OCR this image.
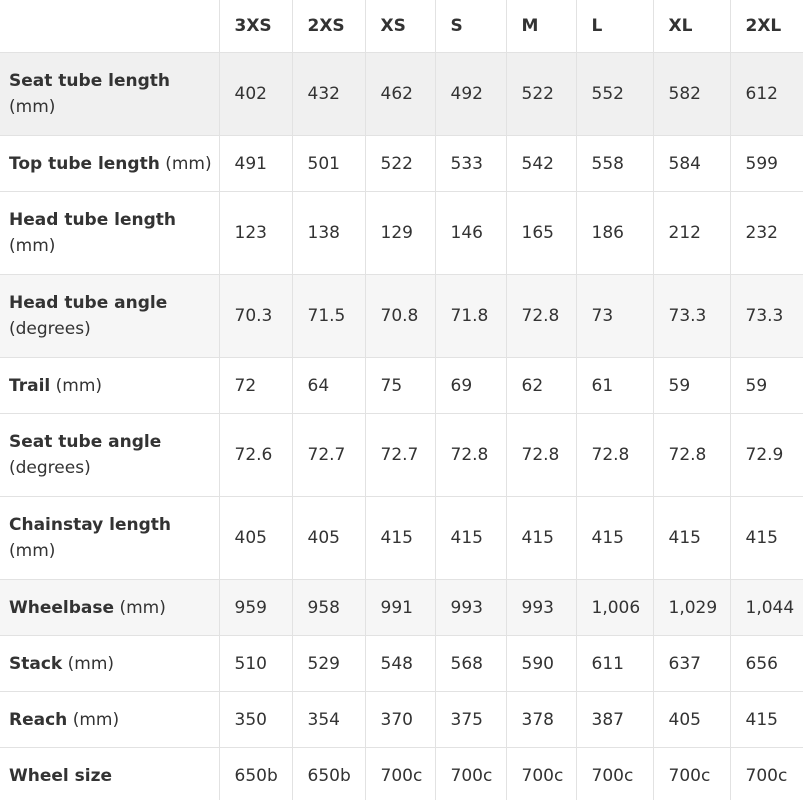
	3XS	2XS	XS	S	M	L	XL	2XL
Seat tube length (mm)	402	432	462	492	522	552	582	612
Top tube length (mm)	491	501	522	533	542	558	584	599
Head tube length (mm)	123	138	129	146	165	186	212	232
Head tube angle (degrees)	70.3	71.5	70.8	71.8	72.8	73	73.3	73.3
Trail (mm)	72	64	75	69	62	61	59	59
Seat tube angle (degrees)	72.6	72.7	72.7	72.8	72.8	72.8	72.8	72.9
Chainstay length (mm)	405	405	415	415	415	415	415	415
Wheelbase (mm)	959	958	991	993	993	1,006	1,029	1,044
Stack (mm)	510	529	548	568	590	611	637	656
Reach (mm)	350	354	370	375	378	387	405	415
Wheel size	650b	650b	700c	700c	700c	700c	700c	700c
